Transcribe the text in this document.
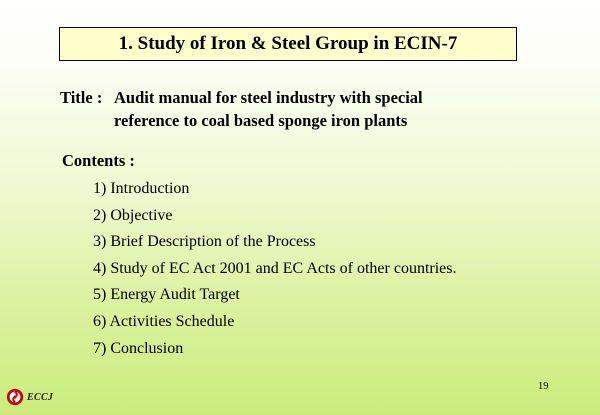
1. Study of Iron & Steel Group in ECIN-7
Title : Audit manual for steel industry with special
reference to coal based sponge iron plants
Contents :
1) Introduction
2) Objective
3) Brief Description of the Process
4) Study of EC Act 2001 and EC Acts of other countries.
5) Energy Audit Target
6) Activities Schedule
7) Conclusion
19
ECCJ
